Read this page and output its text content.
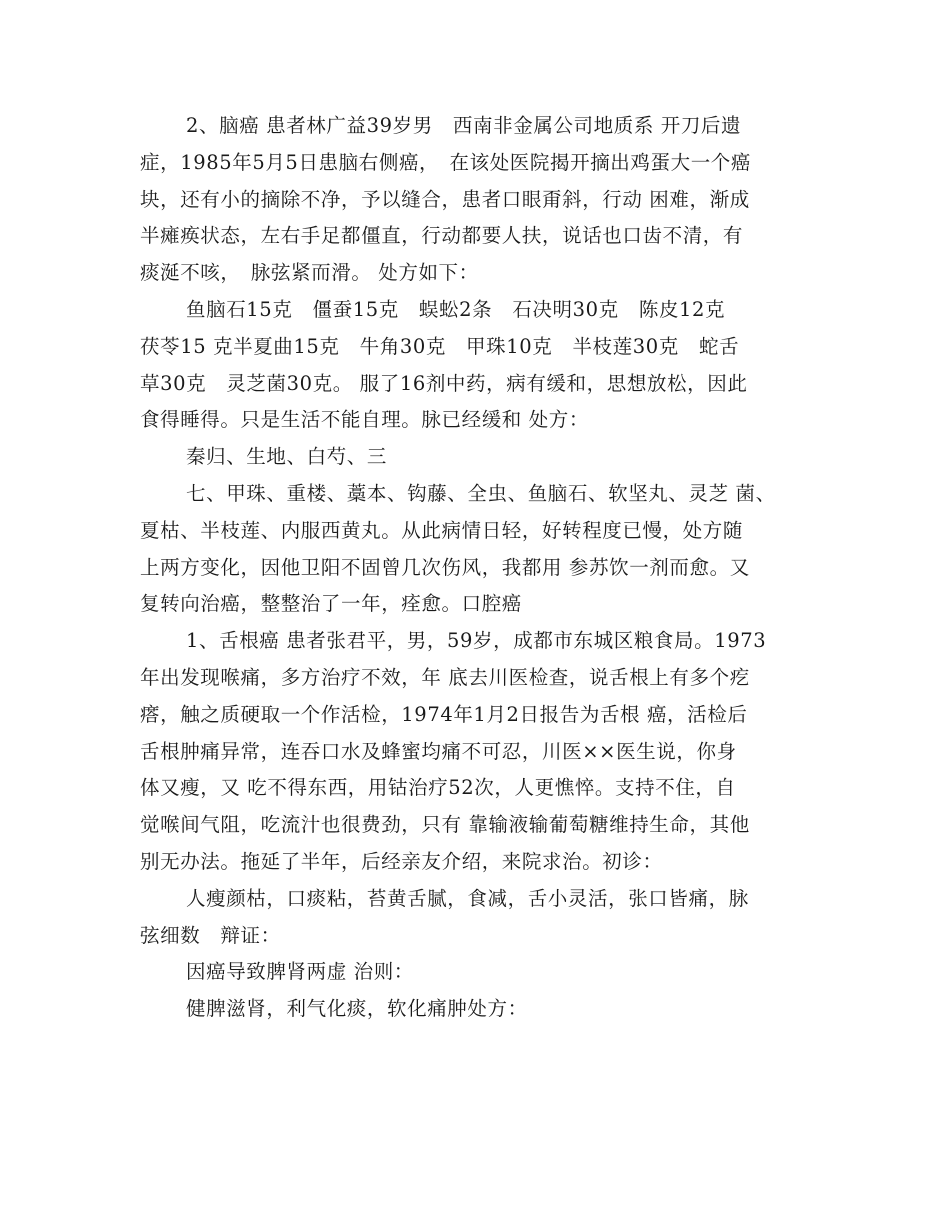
2、脑癌 患者林广益39岁男　西南非金属公司地质系 开刀后遗
症，1985年5月5日患脑右侧癌，　在该处医院揭开摘出鸡蛋大一个癌
块，还有小的摘除不净，予以缝合，患者口眼甭斜，行动 困难，渐成
半瘫痪状态，左右手足都僵直，行动都要人扶，说话也口齿不清，有
痰涎不咳，　脉弦紧而滑。 处方如下：
鱼脑石15克　僵蚕15克　蜈蚣2条　石决明30克　陈皮12克
茯苓15 克半夏曲15克　牛角30克　甲珠10克　半枝莲30克　蛇舌
草30克　灵芝菌30克。 服了16剂中药，病有缓和，思想放松，因此
食得睡得。只是生活不能自理。脉已经缓和 处方：
秦归、生地、白芍、三
七、甲珠、重楼、藁本、钩藤、全虫、鱼脑石、软坚丸、灵芝 菌、
夏枯、半枝莲、内服西黄丸。从此病情日轻，好转程度已慢，处方随
上两方变化，因他卫阳不固曾几次伤风，我都用 参苏饮一剂而愈。又
复转向治癌，整整治了一年，痊愈。口腔癌
1、舌根癌 患者张君平，男，59岁，成都市东城区粮食局。1973
年出发现喉痛，多方治疗不效，年 底去川医检查，说舌根上有多个疙
瘩，触之质硬取一个作活检，1974年1月2日报告为舌根 癌，活检后
舌根肿痛异常，连吞口水及蜂蜜均痛不可忍，川医××医生说，你身
体又瘦，又 吃不得东西，用钴治疗52次，人更憔悴。支持不住，自
觉喉间气阻，吃流汁也很费劲，只有 靠输液输葡萄糖维持生命，其他
别无办法。拖延了半年，后经亲友介绍，来院求治。初诊：
人瘦颜枯，口痰粘，苔黄舌腻，食减，舌小灵活，张口皆痛，脉
弦细数　辩证：
因癌导致脾肾两虚 治则：
健脾滋肾，利气化痰，软化痛肿处方：
